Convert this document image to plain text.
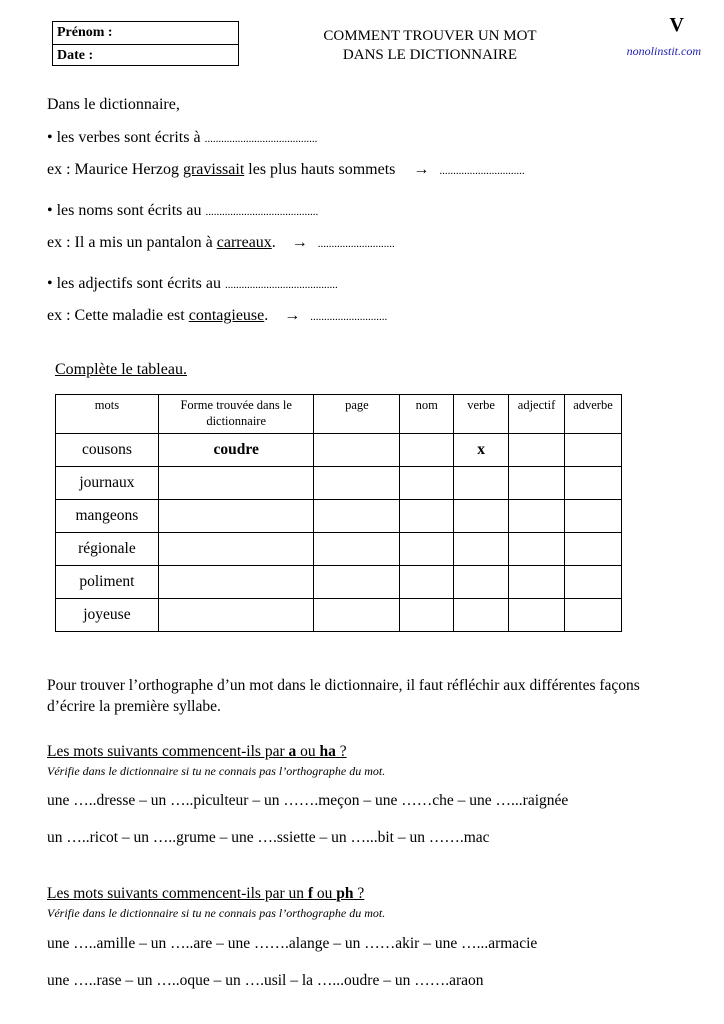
Prénom :
Date :
COMMENT TROUVER UN MOT
DANS LE DICTIONNAIRE
V
nonolinstit.com
Dans le dictionnaire,
• les verbes sont écrits à .........................................
ex : Maurice Herzog gravissait les plus hauts sommets → ...............................
• les noms sont écrits au .........................................
ex : Il a mis un pantalon à carreaux. → ............................
• les adjectifs sont écrits au .........................................
ex : Cette maladie est contagieuse. → ............................
Complète le tableau.
mots	Forme trouvée dans le dictionnaire	page	nom	verbe	adjectif	adverbe
cousons	coudre			x		
journaux						
mangeons						
régionale						
poliment						
joyeuse						
Pour trouver l’orthographe d’un mot dans le dictionnaire, il faut réfléchir aux différentes façons
d’écrire la première syllabe.
Les mots suivants commencent-ils par a ou ha ?
Vérifie dans le dictionnaire si tu ne connais pas l’orthographe du mot.
une …..dresse – un …..piculteur – un …….meçon – une ……che – une …...raignée
un …..ricot – un …..grume – une ….ssiette – un …...bit – un …….mac
Les mots suivants commencent-ils par un f ou ph ?
Vérifie dans le dictionnaire si tu ne connais pas l’orthographe du mot.
une …..amille – un …..are – une …….alange – un ……akir – une …...armacie
une …..rase – un …..oque – un ….usil – la …...oudre – un …….araon
